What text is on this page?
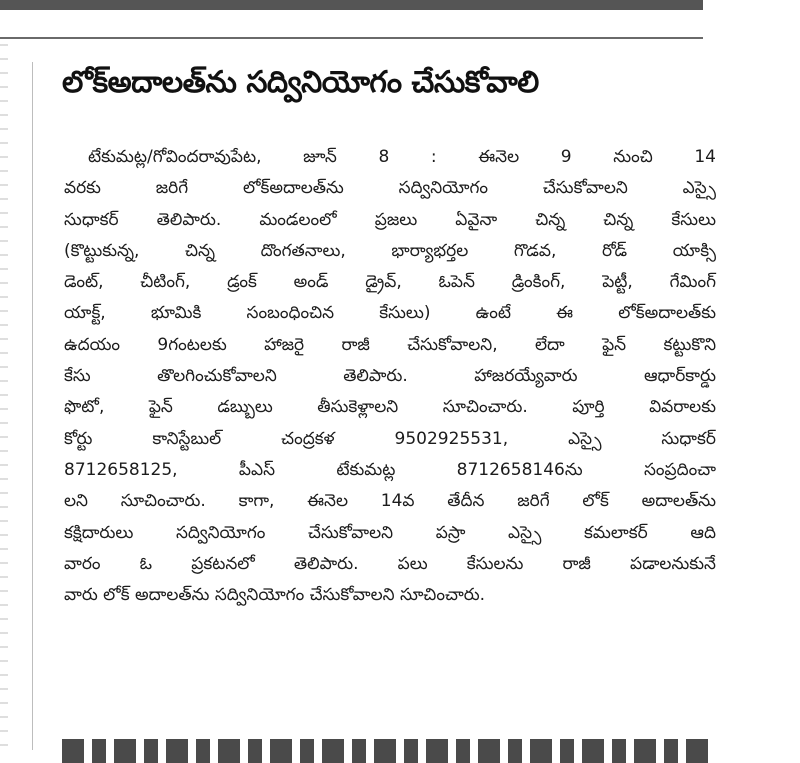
లోక్‌అదాలత్‌ను సద్వినియోగం చేసుకోవాలి
టేకుమట్ల/గోవిందరావుపేట, జూన్ 8 : ఈనెల 9 నుంచి 14
వరకు జరిగే లోక్‌అదాలత్‌ను సద్వినియోగం చేసుకోవాలని ఎస్సై
సుధాకర్ తెలిపారు. మండలంలో ప్రజలు ఏవైనా చిన్న చిన్న కేసులు
(కొట్టుకున్న, చిన్న దొంగతనాలు, భార్యాభర్తల గొడవ, రోడ్ యాక్సి
డెంట్, చీటింగ్, డ్రంక్ అండ్ డ్రైవ్, ఓపెన్ డ్రింకింగ్, పెట్టీ, గేమింగ్
యాక్ట్, భూమికి సంబంధించిన కేసులు) ఉంటే ఈ లోక్‌అదాలత్‌కు
ఉదయం 9గంటలకు హాజరై రాజీ చేసుకోవాలని, లేదా ఫైన్ కట్టుకొని
కేసు తొలగించుకోవాలని తెలిపారు. హాజరయ్యేవారు ఆధార్‌కార్డు
ఫొటో, ఫైన్ డబ్బులు తీసుకెళ్లాలని సూచించారు. పూర్తి వివరాలకు
కోర్టు కానిస్టేబుల్ చంద్రకళ 9502925531, ఎస్సై సుధాకర్
8712658125, పీఎస్ టేకుమట్ల 8712658146ను సంప్రదించా
లని సూచించారు. కాగా, ఈనెల 14వ తేదీన జరిగే లోక్ అదాలత్‌ను
కక్షిదారులు సద్వినియోగం చేసుకోవాలని పస్రా ఎస్సై కమలాకర్ ఆది
వారం ఓ ప్రకటనలో తెలిపారు. పలు కేసులను రాజీ పడాలనుకునే
వారు లోక్ అదాలత్‌ను సద్వినియోగం చేసుకోవాలని సూచించారు.
